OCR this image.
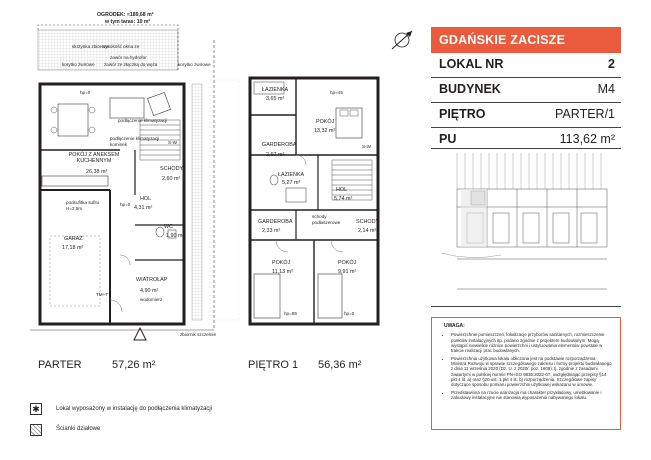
OGRODEK: ≈189,68 m²
w tym taras: 10 m²
skrzynka zbiorcza
wysokość okna ze
zawór na hydrofor
zawór ze złączką do węża
korytko żwirowe	korytko żwirowe
zbiornik szczelnie
hp=0
podłączenie klimatyzacji
podłączenie klimatyzacji kominek
POKÓJ Z ANEKSEM KUCHENNYM
26,38 m²	SCHODY
2,60 m²
S-W
podsufitka sufitu H=2,5m
HOL
4,31 m²
hp=0
WC
1,90 m²
GARAŻ
17,18 m²
TM+TT
WIATROŁAP
4,90 m²
wodomierz
ŁAZIENKA
3,65 m²
hp=45
POKÓJ
13,32 m²
GARDEROBA
2,67 m²
ŁAZIENKA
5,27 m²
HOL
5,74 m²
schody
podłaszerowe
GARDEROBA
2,33 m²
SCHODY
2,14 m²
POKÓJ
11,13 m²
POKÓJ
9,91 m²
hp=85	hp=0
S-W
PARTER	57,26 m²	PIĘTRO 1 56,36 m²
GDAŃSKIE ZACISZE
LOKAL NR	2
BUDYNEK	M4
PIĘTRO	PARTER/1
PU	113,62 m²
UWAGA:
• Powierzchnie pomieszczeń, lokalizacje przyborów sanitarnych, rozmieszczenie punktów instalacyjnych itp. podano zgodnie z projektem budowlanym. Mogą wystąpić niewielkie różnice powierzchni i ustytuowania elementów powstałe w trakcie realizacji prac budowlanych.
• Powierzchnia użytkowa lokalu obliczona jest na podstawie rozporządzenia Ministra Rozwoju w sprawie szczegółowego zakresu i formy projektu budowlanego z dnia 11 września 2020 (Dz. U. z 2020r. poz. 1609), tj. zgodnie z zasadami zawartymi w polskiej normie PN-ISO 9836:2022-07, uwzględniając przepisy §14 pkt 4 lit. a) oraz §20 ust. 1 pkt 4 lit. b) rozporządzenia. Szczegółowe zapisy dotyczące sposobu pomiaru powierzchni użytkowej wskazano w umowie.
• Przedstawiona na rzucie aranżacja ma charakter przykładowy, umeblowanie i zabudowy instalacyjne nie stanowią wyposażenia nabywanego lokalu.
✱	Lokal wyposażony w instalację do podłączenia klimatyzacji
Ścianki działowe
